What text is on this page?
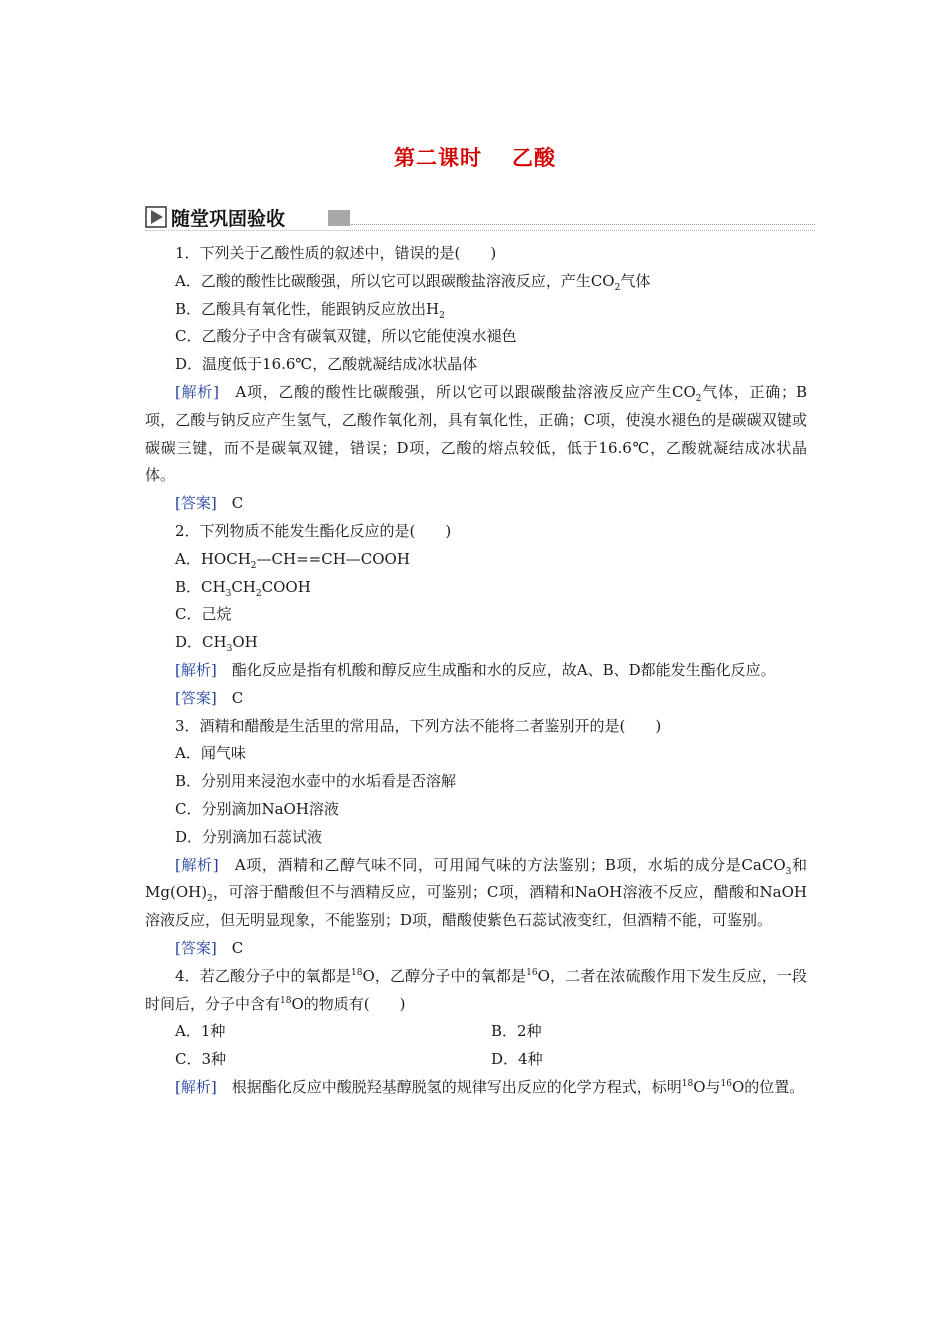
第二课时 乙酸
随堂巩固验收

1．下列关于乙酸性质的叙述中，错误的是(　　)

A．乙酸的酸性比碳酸强，所以它可以跟碳酸盐溶液反应，产生$CO_2$气体

B．乙酸具有氧化性，能跟钠反应放出$H_2$

C．乙酸分子中含有碳氧双键，所以它能使溴水褪色

D．温度低于16.6℃，乙酸就凝结成冰状晶体

[解析]　 A项，乙酸的酸性比碳酸强，所以它可以跟碳酸盐溶液反应产生$CO_2$气体，正确；B项，乙酸与钠反应产生氢气，乙酸作氧化剂，具有氧化性，正确；C项，使溴水褪色的是碳碳双键或碳碳三键，而不是碳氧双键，错误；D项，乙酸的熔点较低，低于16.6℃，乙酸就凝结成冰状晶体。

[答案]　 C

2．下列物质不能发生酯化反应的是(　　)

A．$HOCH_2—CH==CH—COOH$

B．$CH_3CH_2COOH$

C．己烷

D．$CH_3OH$

[解析]　 酯化反应是指有机酸和醇反应生成酯和水的反应，故A、B、D都能发生酯化反应。

[答案]　 C

3．酒精和醋酸是生活里的常用品，下列方法不能将二者鉴别开的是(　　)

A．闻气味

B．分别用来浸泡水壶中的水垢看是否溶解

C．分别滴加NaOH溶液

D．分别滴加石蕊试液

[解析]　 A项，酒精和乙醇气味不同，可用闻气味的方法鉴别；B项，水垢的成分是CaCO$_3$和$Mg(OH)_2$，可溶于醋酸但不与酒精反应，可鉴别；C项，酒精和NaOH溶液不反应，醋酸和NaOH溶液反应，但无明显现象，不能鉴别；D项，醋酸使紫色石蕊试液变红，但酒精不能，可鉴别。

[答案]　 C

4．若乙酸分子中的氧都是$^{18}$O，乙醇分子中的氧都是$^{16}$O，二者在浓硫酸作用下发生反应，一段时间后，分子中含有$^{18}$O的物质有(　　)

A．1种	B．2种
C．3种	D．4种

[解析]　 根据酯化反应中酸脱羟基醇脱氢的规律写出反应的化学方程式，标明$^{18}$O与$^{16}$O的位置。
